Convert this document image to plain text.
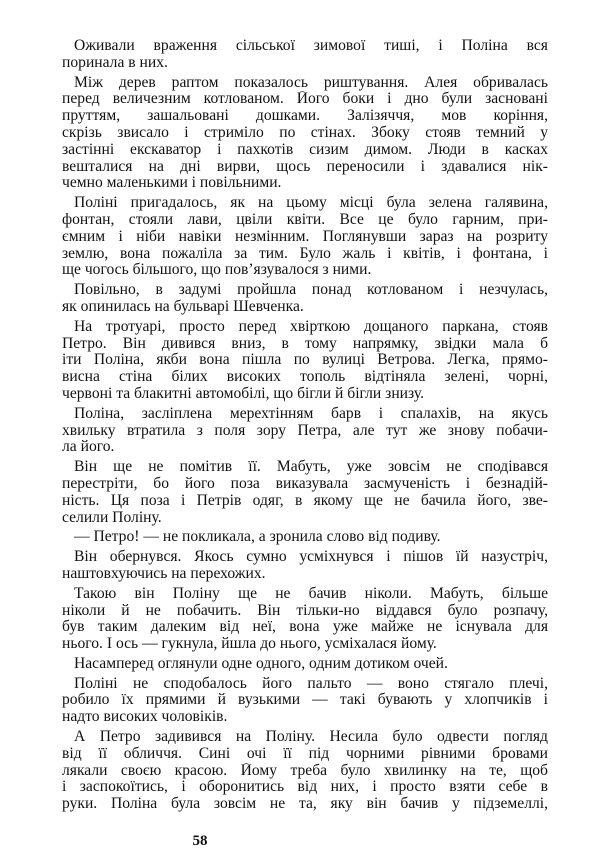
Оживали враження сільської зимової тиші, і Поліна вся
поринала в них.
Між дерев раптом показалось риштування. Алея обривалась
перед величезним котлованом. Його боки і дно були засновані
пруттям, зашальовані дошками. Залізяччя, мов коріння,
скрізь звисало і стриміло по стінах. Збоку стояв темний у
застінні екскаватор і пахкотів сизим димом. Люди в касках
вешталися на дні вирви, щось переносили і здавалися нік-
чемно маленькими і повільними.
Поліні пригадалось, як на цьому місці була зелена галявина,
фонтан, стояли лави, цвіли квіти. Все це було гарним, при-
ємним і ніби навіки незмінним. Поглянувши зараз на розриту
землю, вона пожаліла за тим. Було жаль і квітів, і фонтана, і
ще чогось більшого, що пов’язувалося з ними.
Повільно, в задумі пройшла понад котлованом і незчулась,
як опинилась на бульварі Шевченка.
На тротуарі, просто перед хвірткою дощаного паркана, стояв
Петро. Він дивився вниз, в тому напрямку, звідки мала б
іти Поліна, якби вона пішла по вулиці Ветрова. Легка, прямо-
висна стіна білих високих тополь відтіняла зелені, чорні,
червоні та блакитні автомобілі, що бігли й бігли знизу.
Поліна, засліплена мерехтінням барв і спалахів, на якусь
хвильку втратила з поля зору Петра, але тут же знову побачи-
ла його.
Він ще не помітив її. Мабуть, уже зовсім не сподівався
перестріти, бо його поза виказувала засмученість і безнадій-
ність. Ця поза і Петрів одяг, в якому ще не бачила його, зве-
селили Поліну.
— Петро! — не покликала, а зронила слово від подиву.
Він обернувся. Якось сумно усміхнувся і пішов їй назустріч,
наштовхуючись на перехожих.
Такою він Поліну ще не бачив ніколи. Мабуть, більше
ніколи й не побачить. Він тільки-но віддався було розпачу,
був таким далеким від неї, вона уже майже не існувала для
нього. І ось — гукнула, йшла до нього, усміхалася йому.
Насамперед оглянули одне одного, одним дотиком очей.
Поліні не сподобалось його пальто — воно стягало плечі,
робило їх прямими й вузькими — такі бувають у хлопчиків і
надто високих чоловіків.
А Петро задивився на Поліну. Несила було одвести погляд
від її обличчя. Сині очі її під чорними рівними бровами
лякали своєю красою. Йому треба було хвилинку на те, щоб
і заспокоїтись, і оборонитись від них, і просто взяти себе в
руки. Поліна була зовсім не та, яку він бачив у підземеллі,
58
